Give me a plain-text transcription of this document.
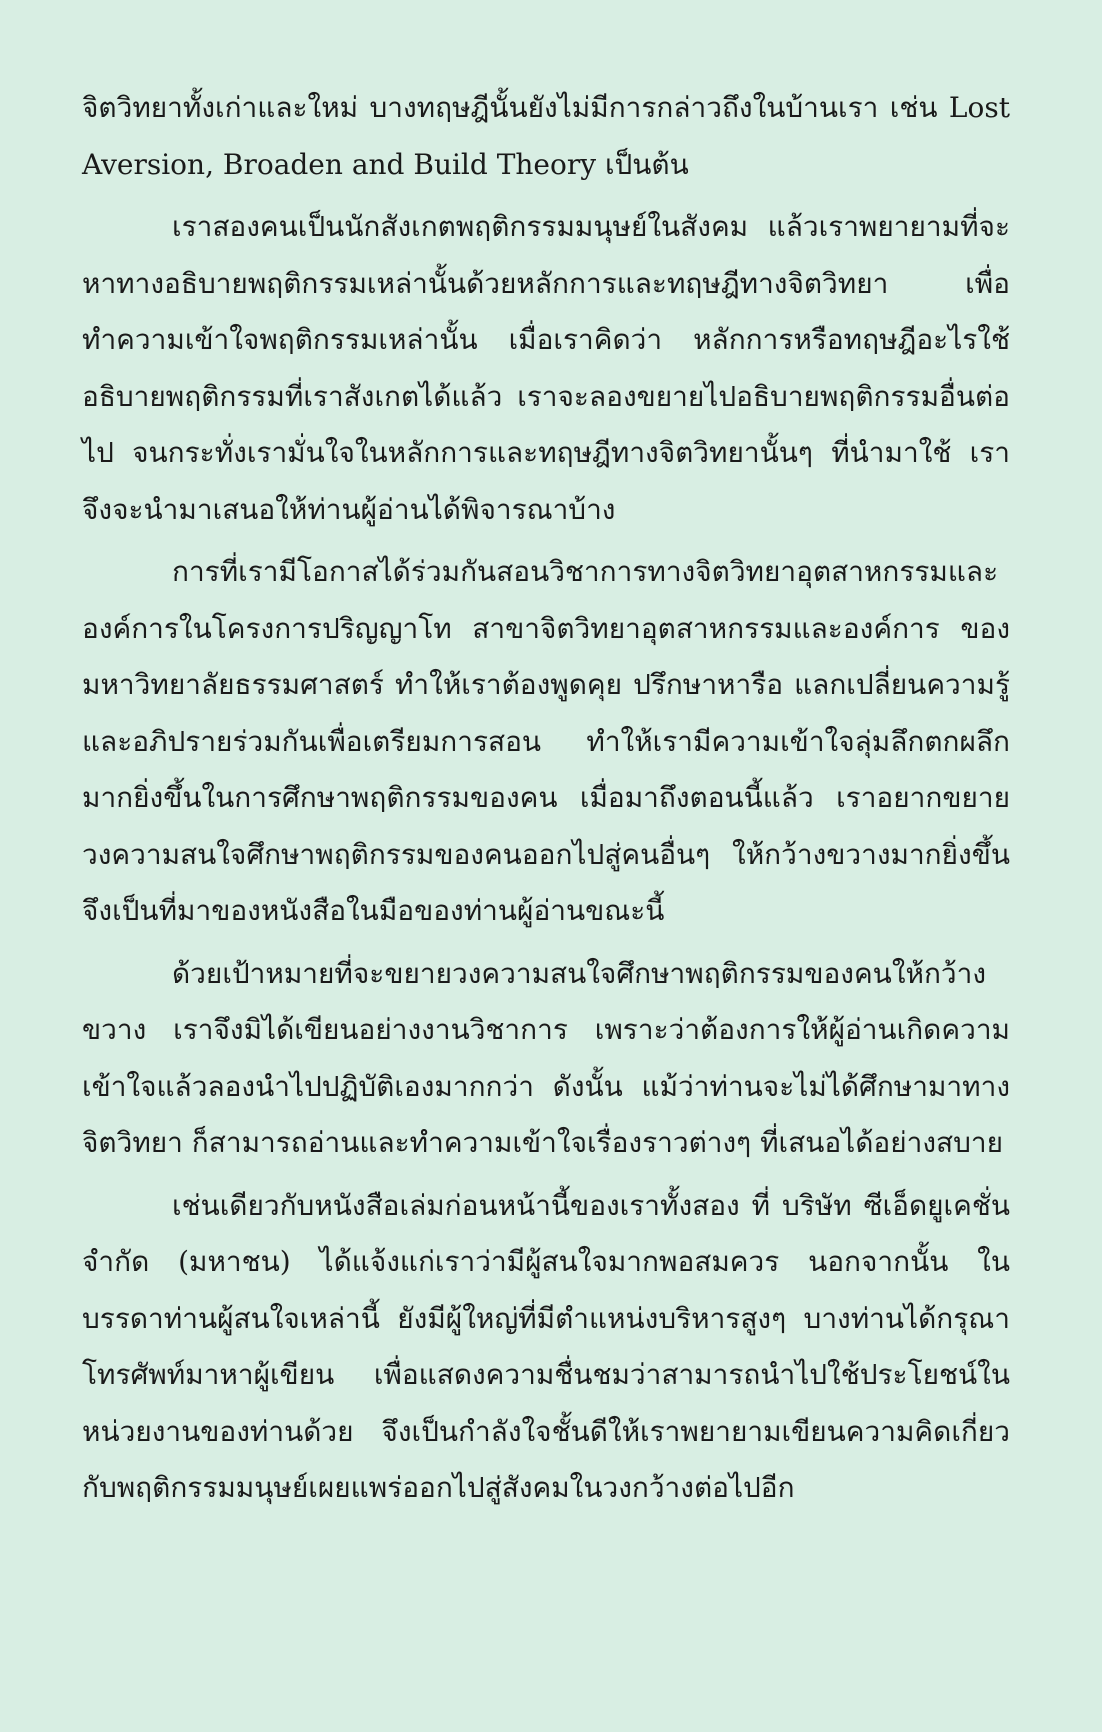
จิตวิทยาทั้งเก่าและใหม่ บางทฤษฎีนั้นยังไม่มีการกล่าวถึงในบ้านเรา เช่น Lost Aversion, Broaden and Build Theory เป็นต้น

เราสองคนเป็นนักสังเกตพฤติกรรมมนุษย์ในสังคม แล้วเราพยายามที่จะหาทางอธิบายพฤติกรรมเหล่านั้นด้วยหลักการและทฤษฎีทางจิตวิทยา เพื่อทำความเข้าใจพฤติกรรมเหล่านั้น เมื่อเราคิดว่า หลักการหรือทฤษฎีอะไรใช้อธิบายพฤติกรรมที่เราสังเกตได้แล้ว เราจะลองขยายไปอธิบายพฤติกรรมอื่นต่อไป จนกระทั่งเรามั่นใจในหลักการและทฤษฎีทางจิตวิทยานั้นๆ ที่นำมาใช้ เราจึงจะนำมาเสนอให้ท่านผู้อ่านได้พิจารณาบ้าง

การที่เรามีโอกาสได้ร่วมกันสอนวิชาการทางจิตวิทยาอุตสาหกรรมและองค์การในโครงการปริญญาโท สาขาจิตวิทยาอุตสาหกรรมและองค์การ ของมหาวิทยาลัยธรรมศาสตร์ ทำให้เราต้องพูดคุย ปรึกษาหารือ แลกเปลี่ยนความรู้ และอภิปรายร่วมกันเพื่อเตรียมการสอน ทำให้เรามีความเข้าใจลุ่มลึกตกผลึกมากยิ่งขึ้นในการศึกษาพฤติกรรมของคน เมื่อมาถึงตอนนี้แล้ว เราอยากขยายวงความสนใจศึกษาพฤติกรรมของคนออกไปสู่คนอื่นๆ ให้กว้างขวางมากยิ่งขึ้น จึงเป็นที่มาของหนังสือในมือของท่านผู้อ่านขณะนี้

ด้วยเป้าหมายที่จะขยายวงความสนใจศึกษาพฤติกรรมของคนให้กว้างขวาง เราจึงมิได้เขียนอย่างงานวิชาการ เพราะว่าต้องการให้ผู้อ่านเกิดความเข้าใจแล้วลองนำไปปฏิบัติเองมากกว่า ดังนั้น แม้ว่าท่านจะไม่ได้ศึกษามาทางจิตวิทยา ก็สามารถอ่านและทำความเข้าใจเรื่องราวต่างๆ ที่เสนอได้อย่างสบาย

เช่นเดียวกับหนังสือเล่มก่อนหน้านี้ของเราทั้งสอง ที่ บริษัท ซีเอ็ดยูเคชั่น จำกัด (มหาชน) ได้แจ้งแก่เราว่ามีผู้สนใจมากพอสมควร นอกจากนั้น ในบรรดาท่านผู้สนใจเหล่านี้ ยังมีผู้ใหญ่ที่มีตำแหน่งบริหารสูงๆ บางท่านได้กรุณาโทรศัพท์มาหาผู้เขียน เพื่อแสดงความชื่นชมว่าสามารถนำไปใช้ประโยชน์ในหน่วยงานของท่านด้วย จึงเป็นกำลังใจชั้นดีให้เราพยายามเขียนความคิดเกี่ยวกับพฤติกรรมมนุษย์เผยแพร่ออกไปสู่สังคมในวงกว้างต่อไปอีก
